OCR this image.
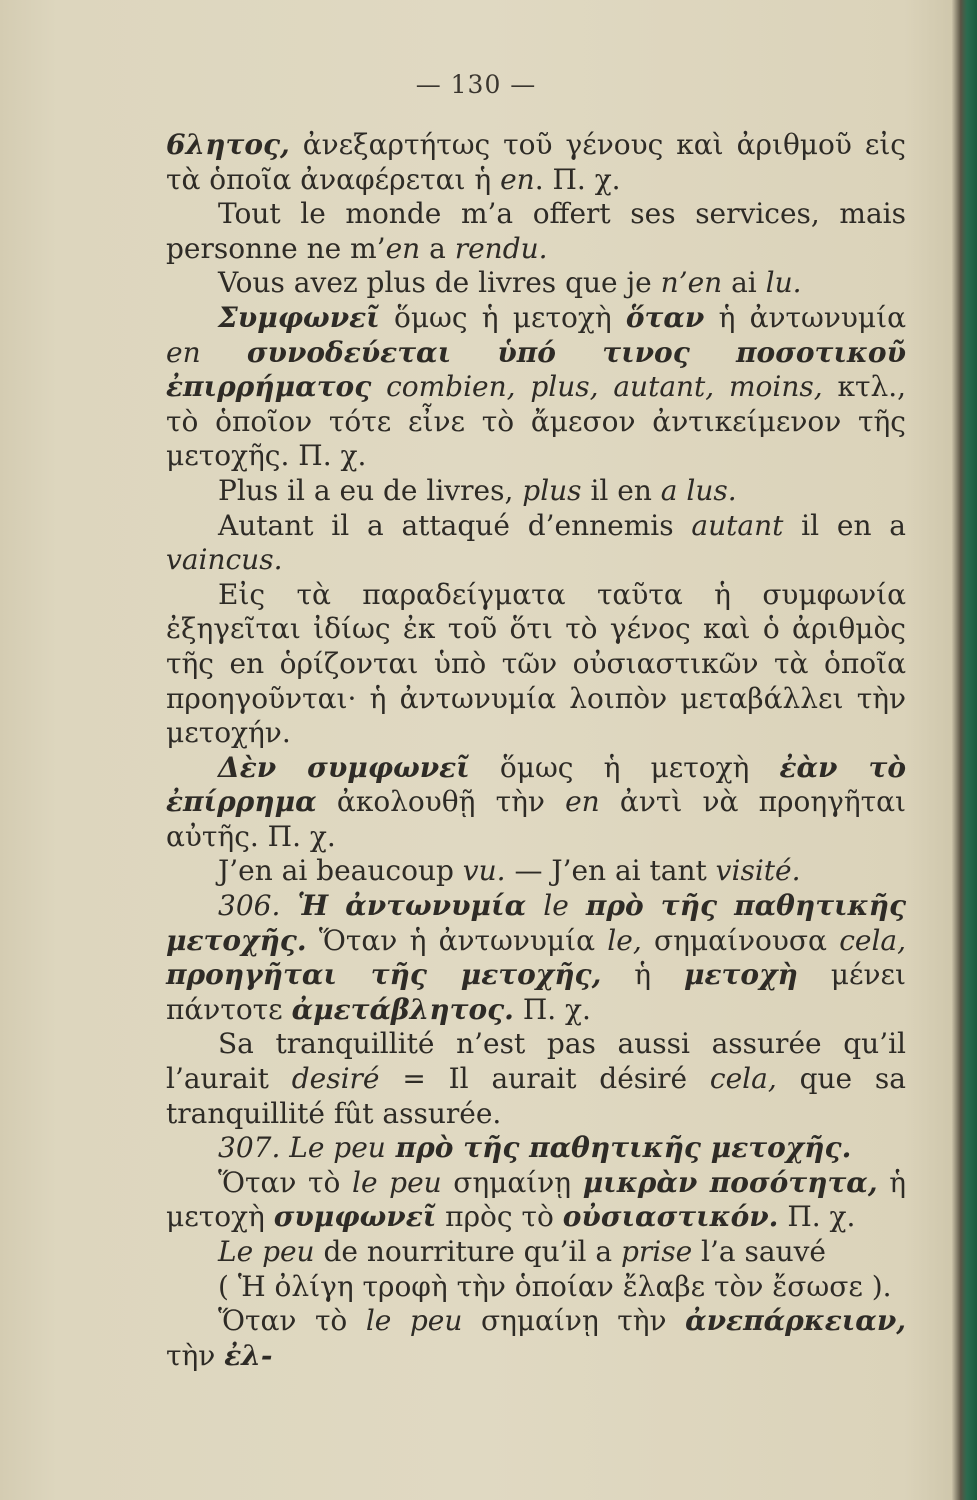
— 130 —

6λητος, ἀνεξαρτήτως τοῦ γένους καὶ ἀριθμοῦ εἰς τὰ ὁποῖα ἀναφέρεται ἡ en. Π. χ.

Tout le monde m’a offert ses services, mais personne ne m’en a rendu.

Vous avez plus de livres que je n’en ai lu.

Συμφωνεῖ ὅμως ἡ μετοχὴ ὅταν ἡ ἀντωνυμία en συνοδεύεται ὑπό τινος ποσοτικοῦ ἐπιρρήματος combien, plus, autant, moins, κτλ., τὸ ὁποῖον τότε εἶνε τὸ ἄμεσον ἀντικείμενον τῆς μετοχῆς. Π. χ.

Plus il a eu de livres, plus il en a lus.

Autant il a attaqué d’ennemis autant il en a vaincus.

Εἰς τὰ παραδείγματα ταῦτα ἡ συμφωνία ἐξηγεῖται ἰδίως ἐκ τοῦ ὅτι τὸ γένος καὶ ὁ ἀριθμὸς τῆς en ὁρίζονται ὑπὸ τῶν οὐσιαστικῶν τὰ ὁποῖα προηγοῦνται· ἡ ἀντωνυμία λοιπὸν μεταβάλλει τὴν μετοχήν.

Δὲν συμφωνεῖ ὅμως ἡ μετοχὴ ἐὰν τὸ ἐπίρρημα ἀκολουθῇ τὴν en ἀντὶ νὰ προηγῆται αὐτῆς. Π. χ.

J’en ai beaucoup vu. — J’en ai tant visité.

306. Ἡ ἀντωνυμία le πρὸ τῆς παθητικῆς μετοχῆς. Ὅταν ἡ ἀντωνυμία le, σημαίνουσα cela, προηγῆται τῆς μετοχῆς, ἡ μετοχὴ μένει πάντοτε ἀμετάβλητος. Π. χ.

Sa tranquillité n’est pas aussi assurée qu’il l’aurait desiré = Il aurait désiré cela, que sa tranquillité fût assurée.

307. Le peu πρὸ τῆς παθητικῆς μετοχῆς.

Ὅταν τὸ le peu σημαίνῃ μικρὰν ποσότητα, ἡ μετοχὴ συμφωνεῖ πρὸς τὸ οὐσιαστικόν. Π. χ.

Le peu de nourriture qu’il a prise l’a sauvé

( Ἡ ὀλίγη τροφὴ τὴν ὁποίαν ἔλαβε τὸν ἔσωσε ).

Ὅταν τὸ le peu σημαίνῃ τὴν ἀνεπάρκειαν, τὴν ἐλ-
